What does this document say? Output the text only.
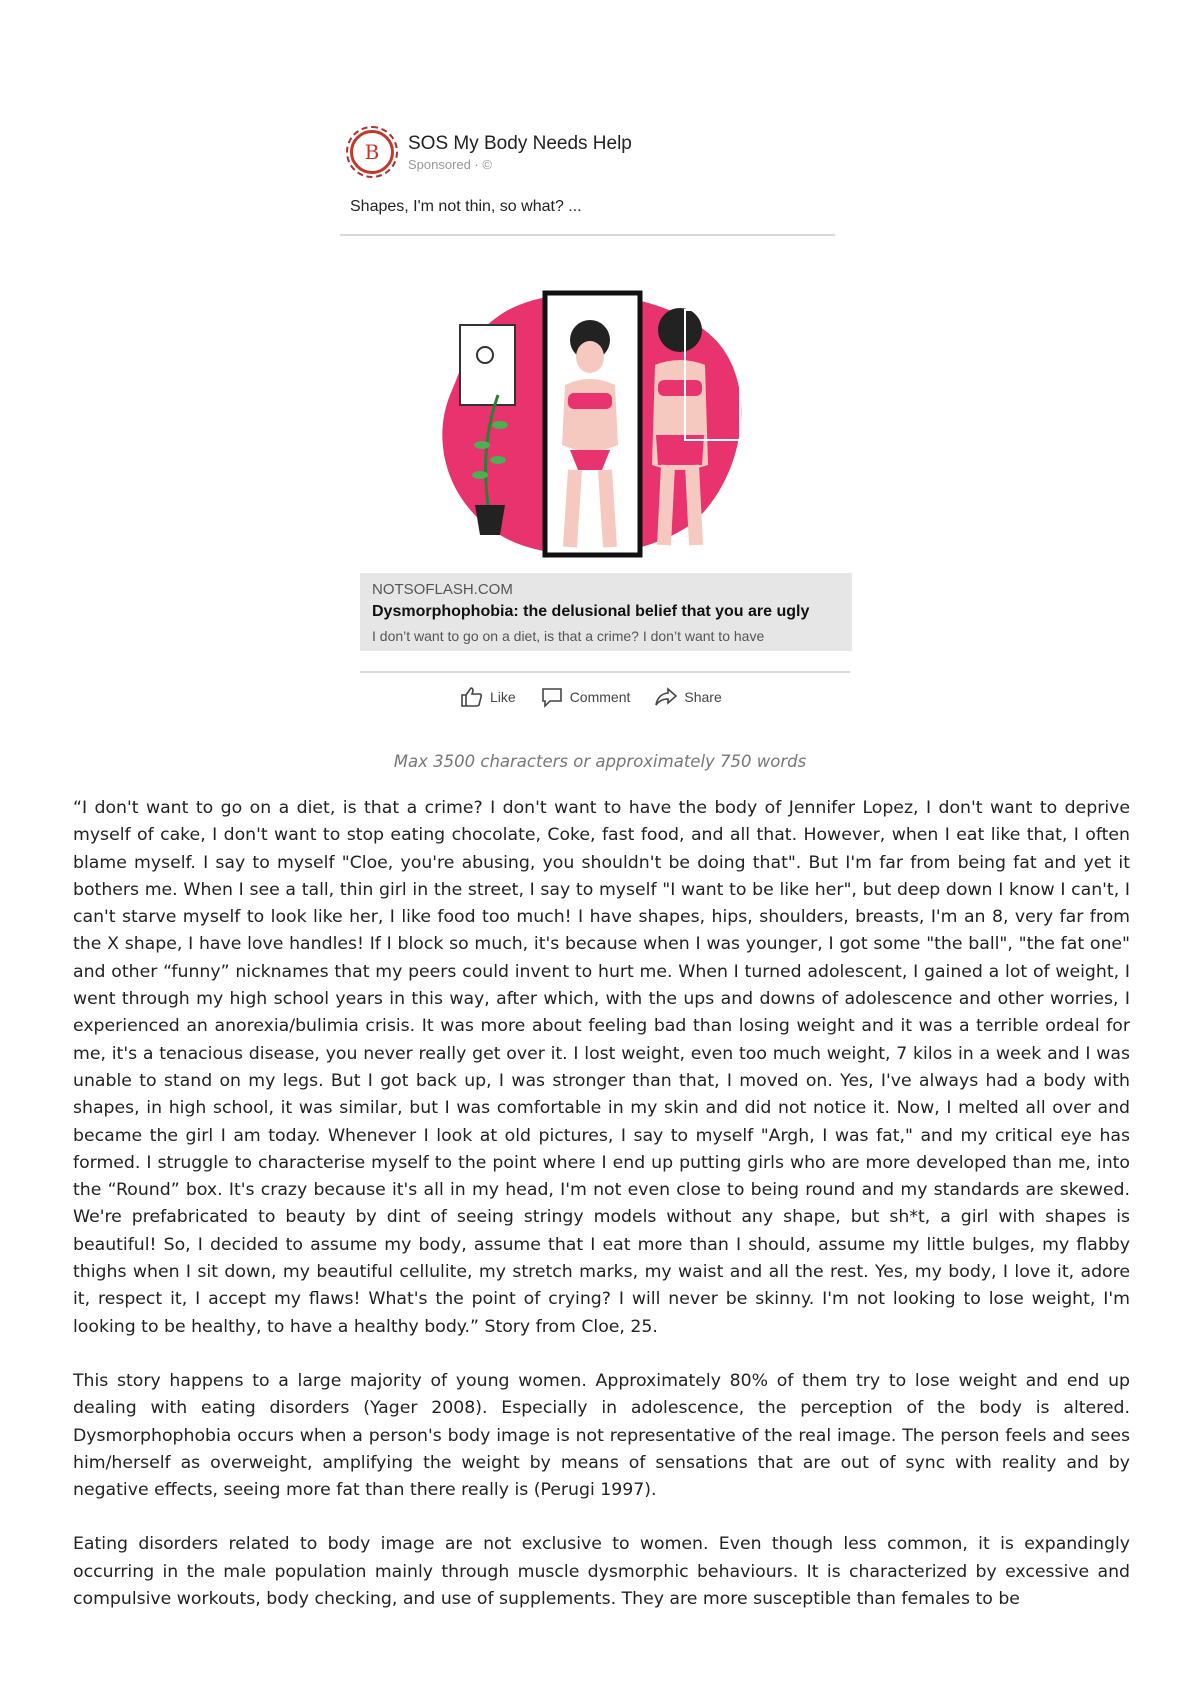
B SOS My Body Needs Help
Sponsored · ©
Shapes, I'm not thin, so what? ...
NOTSOFLASH.COM
Dysmorphophobia: the delusional belief that you are ugly
I don’t want to go on a diet, is that a crime? I don’t want to have
Like	Comment	Share
Max 3500 characters or approximately 750 words

“I don't want to go on a diet, is that a crime? I don't want to have the body of Jennifer Lopez, I don't want to deprive myself of cake, I don't want to stop eating chocolate, Coke, fast food, and all that. However, when I eat like that, I often blame myself. I say to myself "Cloe, you're abusing, you shouldn't be doing that". But I'm far from being fat and yet it bothers me. When I see a tall, thin girl in the street, I say to myself "I want to be like her", but deep down I know I can't, I can't starve myself to look like her, I like food too much! I have shapes, hips, shoulders, breasts, I'm an 8, very far from the X shape, I have love handles! If I block so much, it's because when I was younger, I got some "the ball", "the fat one" and other “funny” nicknames that my peers could invent to hurt me. When I turned adolescent, I gained a lot of weight, I went through my high school years in this way, after which, with the ups and downs of adolescence and other worries, I experienced an anorexia/bulimia crisis. It was more about feeling bad than losing weight and it was a terrible ordeal for me, it's a tenacious disease, you never really get over it. I lost weight, even too much weight, 7 kilos in a week and I was unable to stand on my legs. But I got back up, I was stronger than that, I moved on. Yes, I've always had a body with shapes, in high school, it was similar, but I was comfortable in my skin and did not notice it. Now, I melted all over and became the girl I am today. Whenever I look at old pictures, I say to myself "Argh, I was fat," and my critical eye has formed. I struggle to characterise myself to the point where I end up putting girls who are more developed than me, into the “Round” box. It's crazy because it's all in my head, I'm not even close to being round and my standards are skewed. We're prefabricated to beauty by dint of seeing stringy models without any shape, but sh*t, a girl with shapes is beautiful! So, I decided to assume my body, assume that I eat more than I should, assume my little bulges, my flabby thighs when I sit down, my beautiful cellulite, my stretch marks, my waist and all the rest. Yes, my body, I love it, adore it, respect it, I accept my flaws! What's the point of crying? I will never be skinny. I'm not looking to lose weight, I'm looking to be healthy, to have a healthy body.” Story from Cloe, 25.

This story happens to a large majority of young women. Approximately 80% of them try to lose weight and end up dealing with eating disorders (Yager 2008). Especially in adolescence, the perception of the body is altered. Dysmorphophobia occurs when a person's body image is not representative of the real image. The person feels and sees him/herself as overweight, amplifying the weight by means of sensations that are out of sync with reality and by negative effects, seeing more fat than there really is (Perugi 1997).

Eating disorders related to body image are not exclusive to women. Even though less common, it is expandingly occurring in the male population mainly through muscle dysmorphic behaviours. It is characterized by excessive and compulsive workouts, body checking, and use of supplements. They are more susceptible than females to be
